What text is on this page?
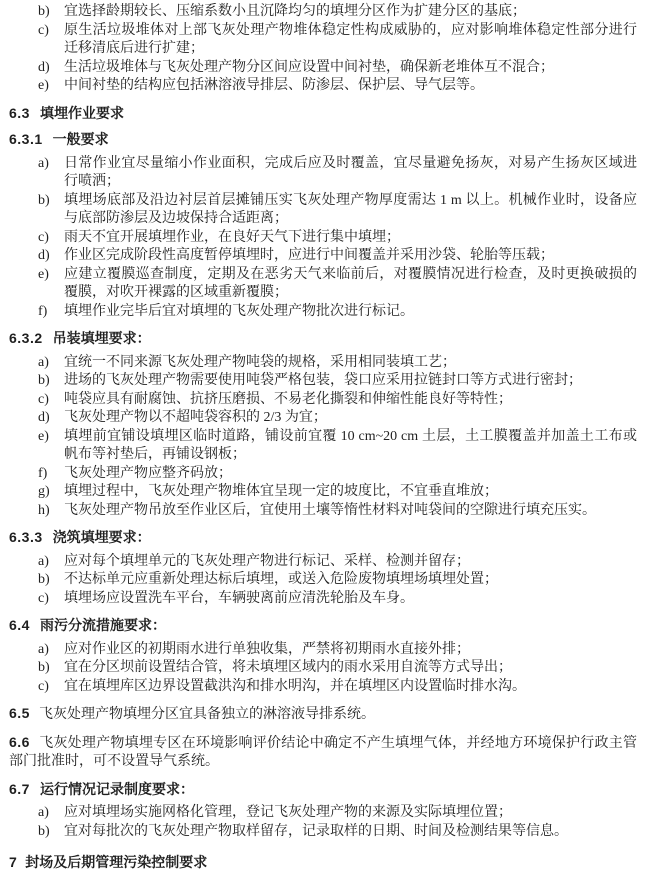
b)	宜选择龄期较长、压缩系数小且沉降均匀的填埋分区作为扩建分区的基底；
c)	原生活垃圾堆体对上部飞灰处理产物堆体稳定性构成威胁的，应对影响堆体稳定性部分进行迁移清底后进行扩建；
d)	生活垃圾堆体与飞灰处理产物分区间应设置中间衬垫，确保新老堆体互不混合；
e)	中间衬垫的结构应包括淋溶液导排层、防渗层、保护层、导气层等。
6.3 填埋作业要求
6.3.1 一般要求
a)	日常作业宜尽量缩小作业面积，完成后应及时覆盖，宜尽量避免扬灰，对易产生扬灰区域进行喷洒；
b)	填埋场底部及沿边衬层首层摊铺压实飞灰处理产物厚度需达 1 m 以上。机械作业时，设备应与底部防渗层及边坡保持合适距离；
c)	雨天不宜开展填埋作业，在良好天气下进行集中填埋；
d)	作业区完成阶段性高度暂停填埋时，应进行中间覆盖并采用沙袋、轮胎等压载；
e)	应建立覆膜巡查制度，定期及在恶劣天气来临前后，对覆膜情况进行检查，及时更换破损的覆膜，对吹开裸露的区域重新覆膜；
f)	填埋作业完毕后宜对填埋的飞灰处理产物批次进行标记。
6.3.2 吊装填埋要求：
a)	宜统一不同来源飞灰处理产物吨袋的规格，采用相同装填工艺；
b)	进场的飞灰处理产物需要使用吨袋严格包装，袋口应采用拉链封口等方式进行密封；
c)	吨袋应具有耐腐蚀、抗挤压磨损、不易老化撕裂和伸缩性能良好等特性；
d)	飞灰处理产物以不超吨袋容积的 2/3 为宜；
e)	填埋前宜铺设填埋区临时道路，铺设前宜覆 10 cm~20 cm 土层，土工膜覆盖并加盖土工布或帆布等衬垫后，再铺设钢板；
f)	飞灰处理产物应整齐码放；
g)	填埋过程中，飞灰处理产物堆体宜呈现一定的坡度比，不宜垂直堆放；
h)	飞灰处理产物吊放至作业区后，宜使用土壤等惰性材料对吨袋间的空隙进行填充压实。
6.3.3 浇筑填埋要求：
a)	应对每个填埋单元的飞灰处理产物进行标记、采样、检测并留存；
b)	不达标单元应重新处理达标后填埋，或送入危险废物填埋场填埋处置；
c)	填埋场应设置洗车平台，车辆驶离前应清洗轮胎及车身。
6.4 雨污分流措施要求：
a)	应对作业区的初期雨水进行单独收集，严禁将初期雨水直接外排；
b)	宜在分区坝前设置结合管，将未填埋区域内的雨水采用自流等方式导出；
c)	宜在填埋库区边界设置截洪沟和排水明沟，并在填埋区内设置临时排水沟。
6.5 飞灰处理产物填埋分区宜具备独立的淋溶液导排系统。
6.6 飞灰处理产物填埋专区在环境影响评价结论中确定不产生填埋气体，并经地方环境保护行政主管部门批准时，可不设置导气系统。
6.7 运行情况记录制度要求：
a)	应对填埋场实施网格化管理，登记飞灰处理产物的来源及实际填埋位置；
b)	宜对每批次的飞灰处理产物取样留存，记录取样的日期、时间及检测结果等信息。
7 封场及后期管理污染控制要求
